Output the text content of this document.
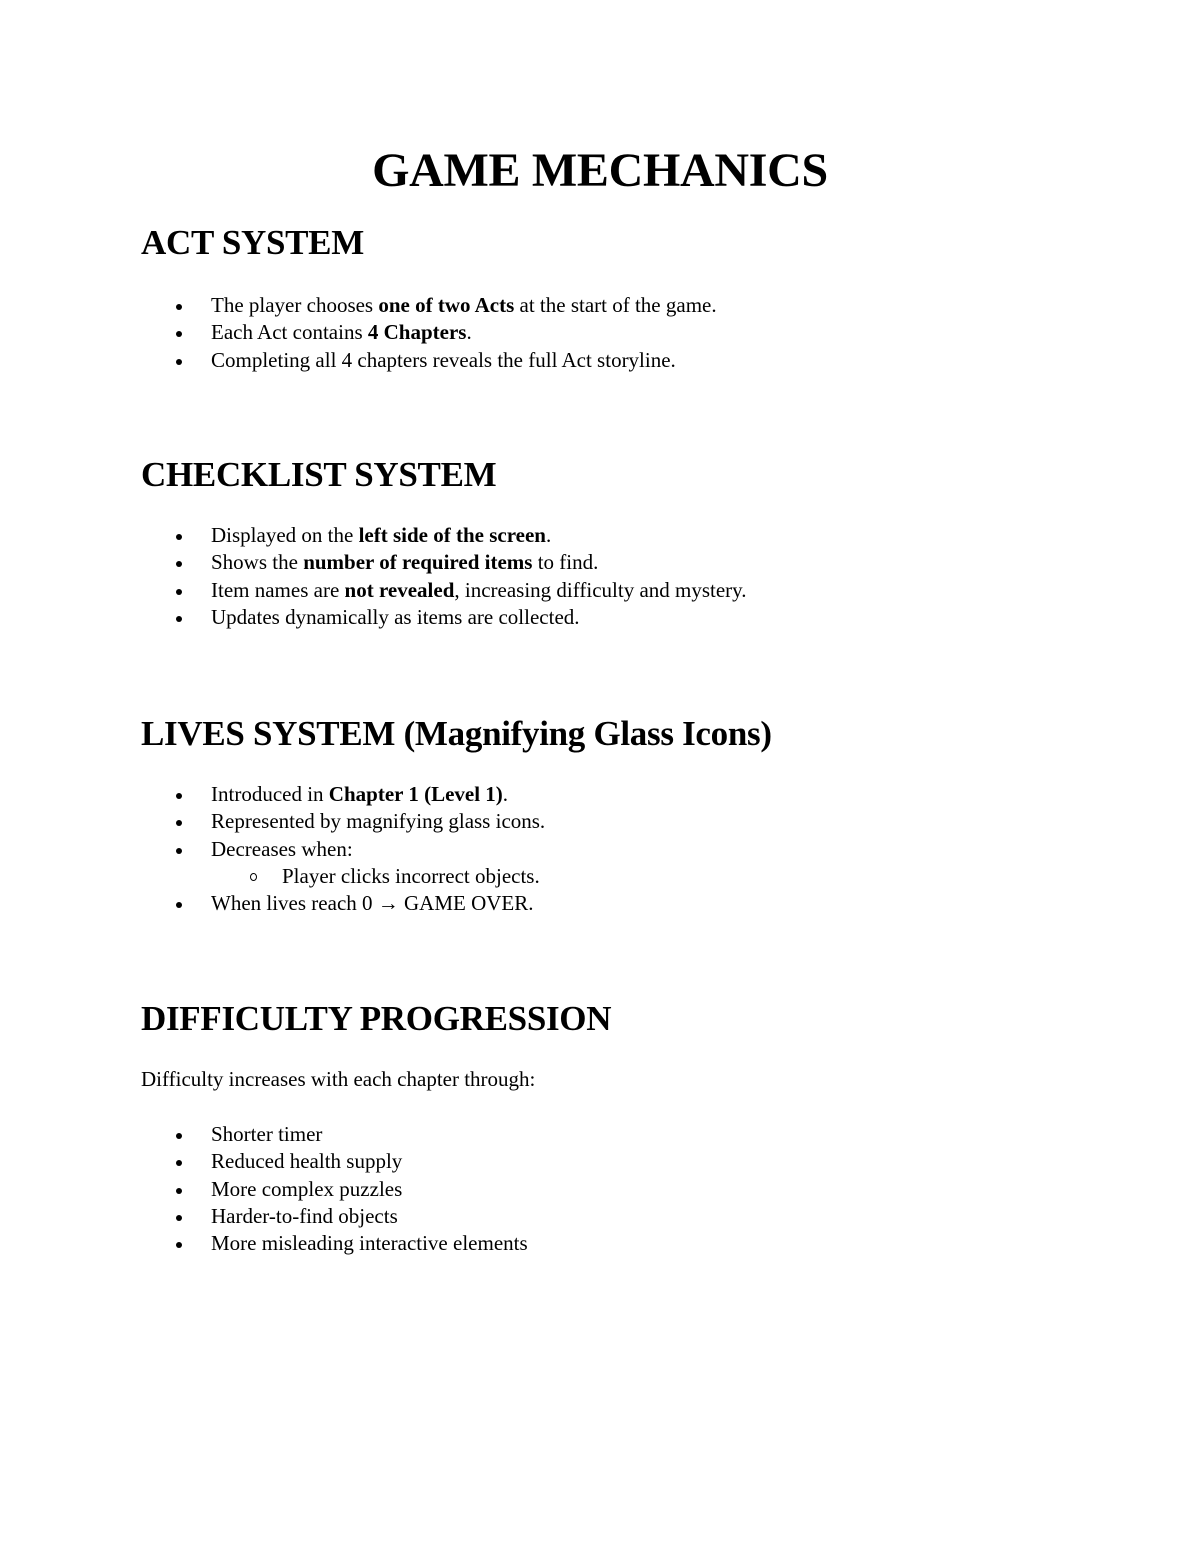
GAME MECHANICS
ACT SYSTEM
The player chooses one of two Acts at the start of the game.
Each Act contains 4 Chapters.
Completing all 4 chapters reveals the full Act storyline.
CHECKLIST SYSTEM
Displayed on the left side of the screen.
Shows the number of required items to find.
Item names are not revealed, increasing difficulty and mystery.
Updates dynamically as items are collected.
LIVES SYSTEM (Magnifying Glass Icons)
Introduced in Chapter 1 (Level 1).
Represented by magnifying glass icons.
Decreases when:
Player clicks incorrect objects.
When lives reach 0 → GAME OVER.
DIFFICULTY PROGRESSION

Difficulty increases with each chapter through:

Shorter timer
Reduced health supply
More complex puzzles
Harder-to-find objects
More misleading interactive elements
